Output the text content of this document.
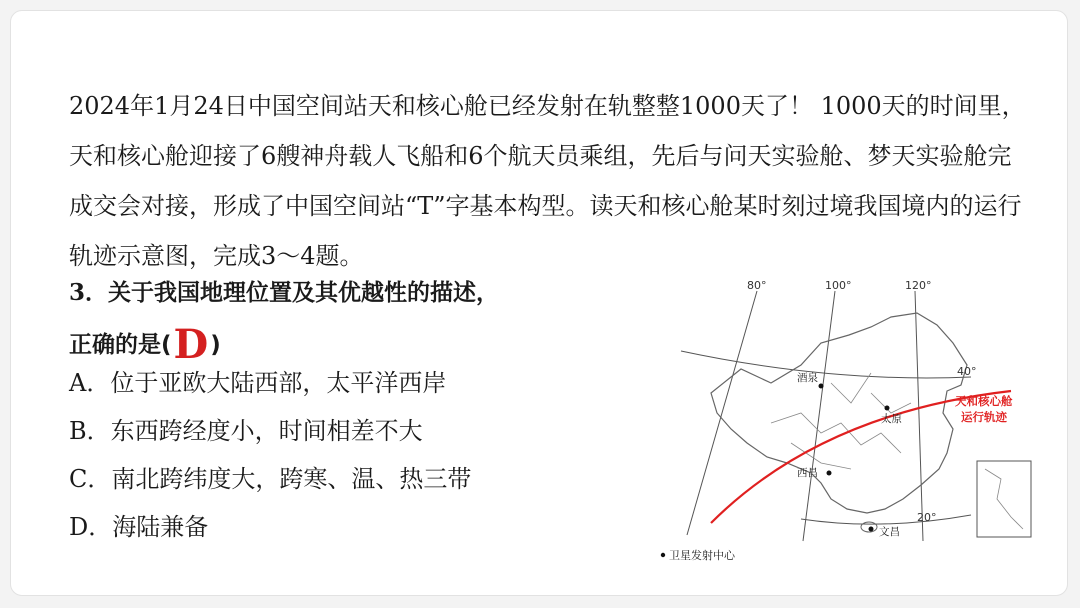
2024年1月24日中国空间站天和核心舱已经发射在轨整整1000天了！ 1000天的时间里，天和核心舱迎接了6艘神舟载人飞船和6个航天员乘组，先后与问天实验舱、梦天实验舱完成交会对接，形成了中国空间站“T”字基本构型。读天和核心舱某时刻过境我国境内的运行轨迹示意图，完成3～4题。

3．关于我国地理位置及其优越性的描述，

正确的是 ( D )

A．位于亚欧大陆西部，太平洋西岸

B．东西跨经度小，时间相差不大

C．南北跨纬度大，跨寒、温、热三带

D．海陆兼备

80°	100°	120°
40°
20°
酒泉
太原
西昌
文昌
天和核心舱
运行轨迹
卫星发射中心
